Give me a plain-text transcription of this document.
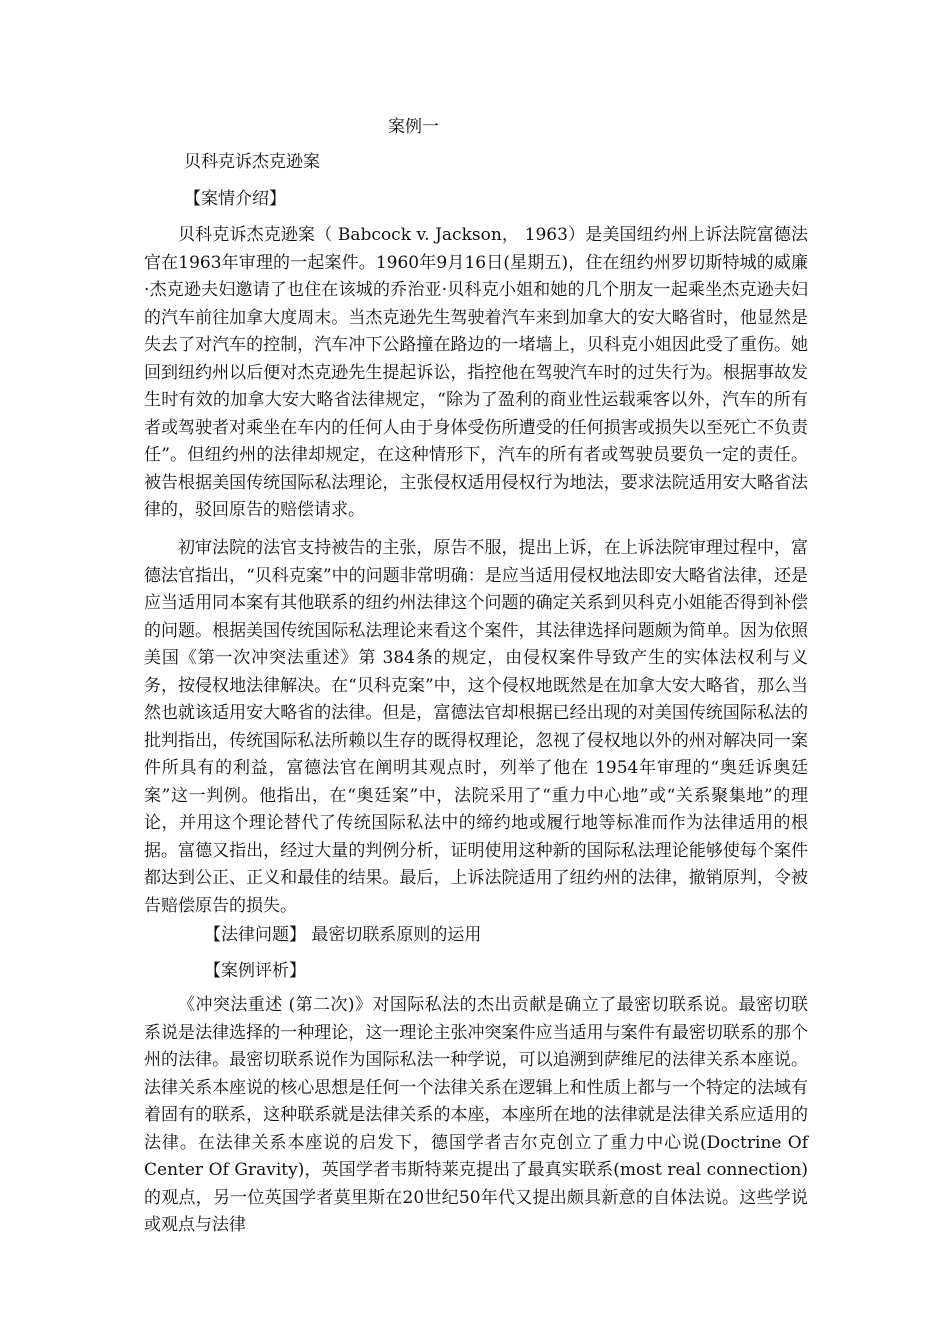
案例一
贝科克诉杰克逊案
【案情介绍】

贝科克诉杰克逊案（ Babcock v. Jackson， 1963）是美国纽约州上诉法院富德法官在1963年审理的一起案件。1960年9月16日(星期五)，住在纽约州罗切斯特城的威廉·杰克逊夫妇邀请了也住在该城的乔治亚·贝科克小姐和她的几个朋友一起乘坐杰克逊夫妇的汽车前往加拿大度周末。当杰克逊先生驾驶着汽车来到加拿大的安大略省时，他显然是失去了对汽车的控制，汽车冲下公路撞在路边的一堵墙上，贝科克小姐因此受了重伤。她回到纽约州以后便对杰克逊先生提起诉讼，指控他在驾驶汽车时的过失行为。根据事故发生时有效的加拿大安大略省法律规定，“除为了盈利的商业性运载乘客以外，汽车的所有者或驾驶者对乘坐在车内的任何人由于身体受伤所遭受的任何损害或损失以至死亡不负责任”。但纽约州的法律却规定，在这种情形下，汽车的所有者或驾驶员要负一定的责任。被告根据美国传统国际私法理论，主张侵权适用侵权行为地法，要求法院适用安大略省法律的，驳回原告的赔偿请求。

初审法院的法官支持被告的主张，原告不服，提出上诉，在上诉法院审理过程中，富德法官指出，“贝科克案”中的问题非常明确：是应当适用侵权地法即安大略省法律，还是应当适用同本案有其他联系的纽约州法律这个问题的确定关系到贝科克小姐能否得到补偿的问题。根据美国传统国际私法理论来看这个案件，其法律选择问题颇为简单。因为依照美国《第一次冲突法重述》第 384条的规定，由侵权案件导致产生的实体法权利与义务，按侵权地法律解决。在“贝科克案”中，这个侵权地既然是在加拿大安大略省，那么当然也就该适用安大略省的法律。但是，富德法官却根据已经出现的对美国传统国际私法的批判指出，传统国际私法所赖以生存的既得权理论，忽视了侵权地以外的州对解决同一案件所具有的利益，富德法官在阐明其观点时，列举了他在 1954年审理的“奥廷诉奥廷案”这一判例。他指出，在“奥廷案”中，法院采用了“重力中心地”或“关系聚集地”的理论，并用这个理论替代了传统国际私法中的缔约地或履行地等标准而作为法律适用的根据。富德又指出，经过大量的判例分析，证明使用这种新的国际私法理论能够使每个案件都达到公正、正义和最佳的结果。最后，上诉法院适用了纽约州的法律，撤销原判，令被告赔偿原告的损失。

【法律问题】 最密切联系原则的运用
【案例评析】

《冲突法重述 (第二次)》对国际私法的杰出贡献是确立了最密切联系说。最密切联系说是法律选择的一种理论，这一理论主张冲突案件应当适用与案件有最密切联系的那个州的法律。最密切联系说作为国际私法一种学说，可以追溯到萨维尼的法律关系本座说。法律关系本座说的核心思想是任何一个法律关系在逻辑上和性质上都与一个特定的法域有着固有的联系，这种联系就是法律关系的本座，本座所在地的法律就是法律关系应适用的法律。在法律关系本座说的启发下，德国学者吉尔克创立了重力中心说(Doctrine Of Center Of Gravity)，英国学者韦斯特莱克提出了最真实联系(most real connection)的观点，另一位英国学者莫里斯在20世纪50年代又提出颇具新意的自体法说。这些学说或观点与法律
